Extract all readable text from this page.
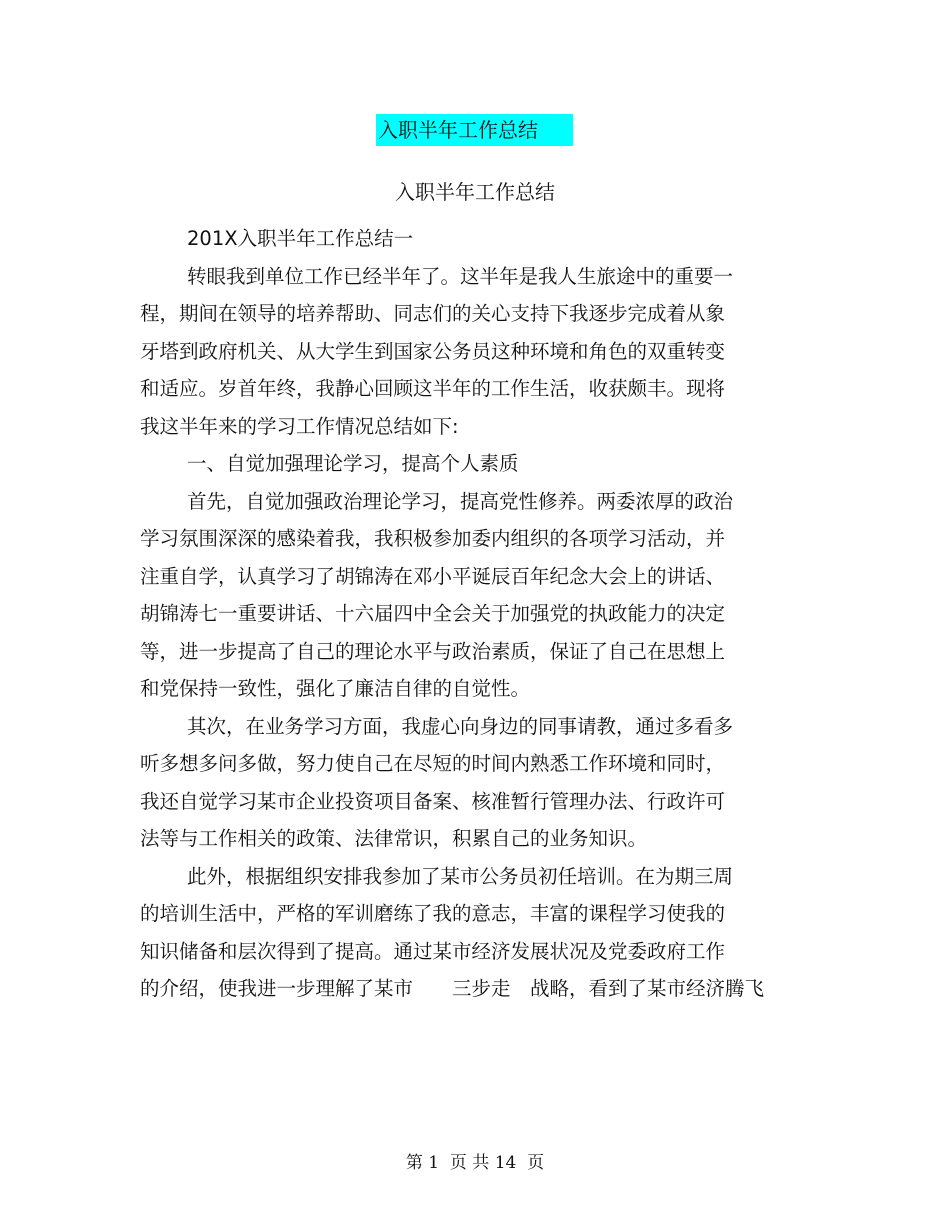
入职半年工作总结
入职半年工作总结
201X入职半年工作总结一
转眼我到单位工作已经半年了。这半年是我人生旅途中的重要一
程，期间在领导的培养帮助、同志们的关心支持下我逐步完成着从象
牙塔到政府机关、从大学生到国家公务员这种环境和角色的双重转变
和适应。岁首年终，我静心回顾这半年的工作生活，收获颇丰。现将
我这半年来的学习工作情况总结如下:
一、自觉加强理论学习，提高个人素质
首先，自觉加强政治理论学习，提高党性修养。两委浓厚的政治
学习氛围深深的感染着我，我积极参加委内组织的各项学习活动，并
注重自学，认真学习了胡锦涛在邓小平诞辰百年纪念大会上的讲话、
胡锦涛七一重要讲话、十六届四中全会关于加强党的执政能力的决定
等，进一步提高了自己的理论水平与政治素质，保证了自己在思想上
和党保持一致性，强化了廉洁自律的自觉性。
其次，在业务学习方面，我虚心向身边的同事请教，通过多看多
听多想多问多做，努力使自己在尽短的时间内熟悉工作环境和同时，
我还自觉学习某市企业投资项目备案、核准暂行管理办法、行政许可
法等与工作相关的政策、法律常识，积累自己的业务知识。
此外，根据组织安排我参加了某市公务员初任培训。在为期三周
的培训生活中，严格的军训磨练了我的意志，丰富的课程学习使我的
知识储备和层次得到了提高。通过某市经济发展状况及党委政府工作
的介绍，使我进一步理解了某市　　三步走　战略，看到了某市经济腾飞
第 1  页 共 14  页
